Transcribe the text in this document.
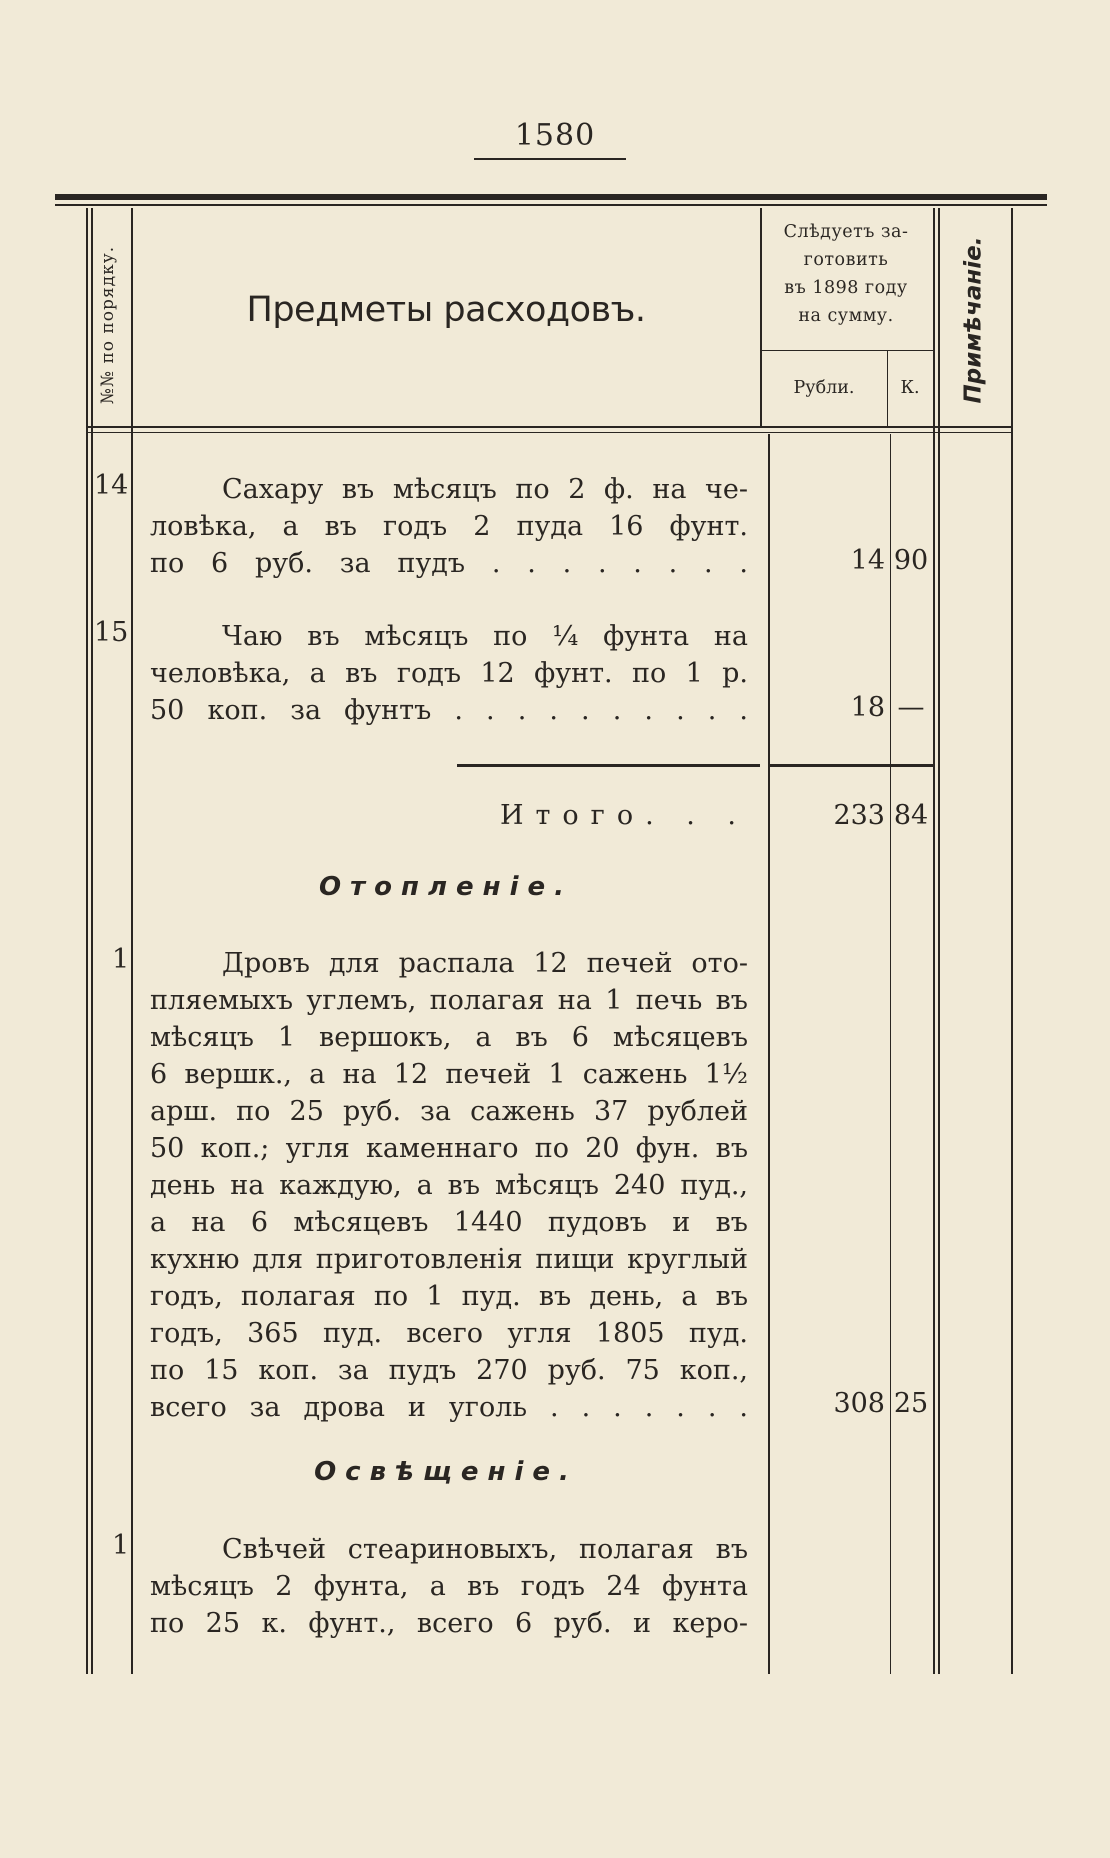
1580
№№ по порядку.	Предметы расходовъ.
Слѣдуетъ за-
готовить
въ 1898 году
на сумму.
Рубли.	К.	Примѣчаніе.
14	Сахару въ мѣсяцъ по 2 ф. на че-
ловѣка, а въ годъ 2 пуда 16 фунт.
по 6 руб. за пудъ . . . . . . . .	14 90
15	Чаю въ мѣсяцъ по ¼ фунта на
человѣка, а въ годъ 12 фунт. по 1 р.
50 коп. за фунтъ . . . . . . . . . .	18 —
Итого. . .	233 84
Отопленіе.
1	Дровъ для распала 12 печей ото-
пляемыхъ углемъ, полагая на 1 печь въ
мѣсяцъ 1 вершокъ, а въ 6 мѣсяцевъ
6 вершк., а на 12 печей 1 сажень 1½
арш. по 25 руб. за сажень 37 рублей
50 коп.; угля каменнаго по 20 фун. въ
день на каждую, а въ мѣсяцъ 240 пуд.,
а на 6 мѣсяцевъ 1440 пудовъ и въ
кухню для приготовленія пищи круглый
годъ, полагая по 1 пуд. въ день, а въ
годъ, 365 пуд. всего угля 1805 пуд.
по 15 коп. за пудъ 270 руб. 75 коп.,
всего за дрова и уголь . . . . . . .	308 25
Освѣщеніе.
1	Свѣчей стеариновыхъ, полагая въ
мѣсяцъ 2 фунта, а въ годъ 24 фунта
по 25 к. фунт., всего 6 руб. и керо-
